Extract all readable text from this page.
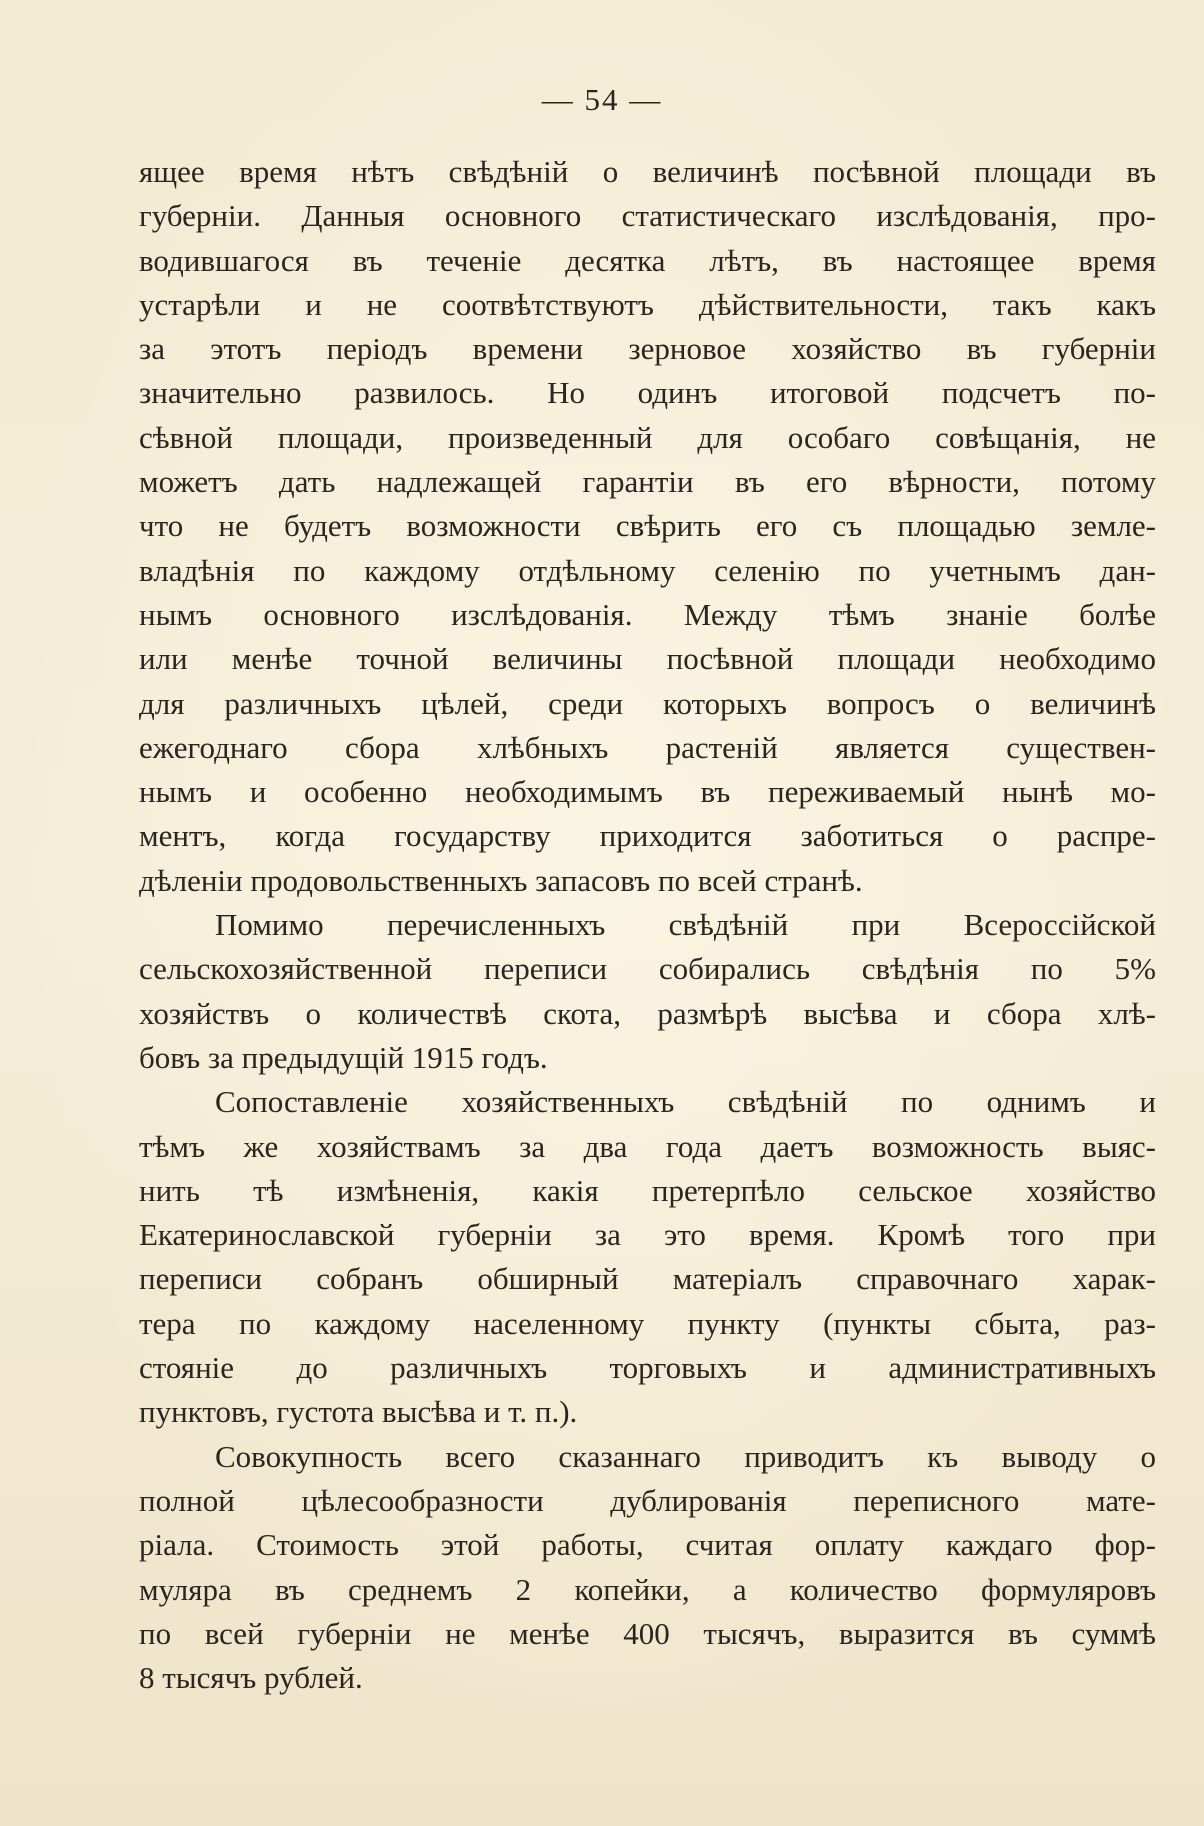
— 54 —
ящее время нѣтъ свѣдѣній о величинѣ посѣвной площади въ
губерніи. Данныя основного статистическаго изслѣдованія, про-
водившагося въ теченіе десятка лѣтъ, въ настоящее время
устарѣли и не соотвѣтствуютъ дѣйствительности, такъ какъ
за этотъ періодъ времени зерновое хозяйство въ губерніи
значительно развилось. Но одинъ итоговой подсчетъ по-
сѣвной площади, произведенный для особаго совѣщанія, не
можетъ дать надлежащей гарантіи въ его вѣрности, потому
что не будетъ возможности свѣрить его съ площадью земле-
владѣнія по каждому отдѣльному селенію по учетнымъ дан-
нымъ основного изслѣдованія. Между тѣмъ знаніе болѣе
или менѣе точной величины посѣвной площади необходимо
для различныхъ цѣлей, среди которыхъ вопросъ о величинѣ
ежегоднаго сбора хлѣбныхъ растеній является существен-
нымъ и особенно необходимымъ въ переживаемый нынѣ мо-
ментъ, когда государству приходится заботиться о распре-
дѣленіи продовольственныхъ запасовъ по всей странѣ.
Помимо перечисленныхъ свѣдѣній при Всероссійской
сельскохозяйственной переписи собирались свѣдѣнія по 5%
хозяйствъ о количествѣ скота, размѣрѣ высѣва и сбора хлѣ-
бовъ за предыдущій 1915 годъ.
Сопоставленіе хозяйственныхъ свѣдѣній по однимъ и
тѣмъ же хозяйствамъ за два года даетъ возможность выяс-
нить тѣ измѣненія, какія претерпѣло сельское хозяйство
Екатеринославской губерніи за это время. Кромѣ того при
переписи собранъ обширный матеріалъ справочнаго харак-
тера по каждому населенному пункту (пункты сбыта, раз-
стояніе до различныхъ торговыхъ и административныхъ
пунктовъ, густота высѣва и т. п.).
Совокупность всего сказаннаго приводитъ къ выводу о
полной цѣлесообразности дублированія переписного мате-
ріала. Стоимость этой работы, считая оплату каждаго фор-
муляра въ среднемъ 2 копейки, а количество формуляровъ
по всей губерніи не менѣе 400 тысячъ, выразится въ суммѣ
8 тысячъ рублей.
